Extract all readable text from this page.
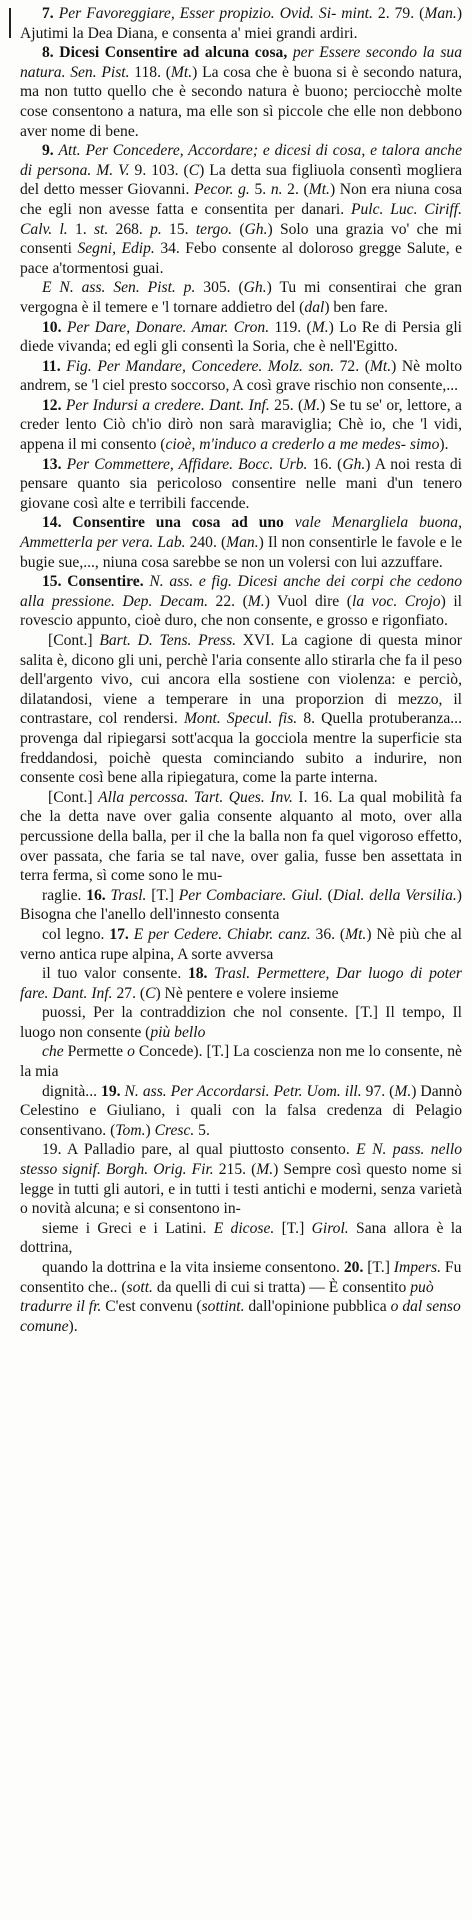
7. Per Favoreggiare, Esser propizio. Ovid. Si- mint. 2. 79. (Man.) Ajutimi la Dea Diana, e consenta a' miei grandi ardiri.

8. Dicesi Consentire ad alcuna cosa, per Essere secondo la sua natura. Sen. Pist. 118. (Mt.) La cosa che è buona si è secondo natura, ma non tutto quello che è secondo natura è buono; perciocchè molte cose consentono a natura, ma elle son sì piccole che elle non debbono aver nome di bene.

9. Att. Per Concedere, Accordare; e dicesi di cosa, e talora anche di persona. M. V. 9. 103. (C) La detta sua figliuola consentì mogliera del detto messer Giovanni. Pecor. g. 5. n. 2. (Mt.) Non era niuna cosa che egli non avesse fatta e consentita per danari. Pulc. Luc. Ciriff. Calv. l. 1. st. 268. p. 15. tergo. (Gh.) Solo una grazia vo' che mi consenti Segni, Edip. 34. Febo consente al doloroso gregge Salute, e pace a'tormentosi guai.

E N. ass. Sen. Pist. p. 305. (Gh.) Tu mi consentirai che gran vergogna è il temere e 'l tornare addietro del (dal) ben fare.

10. Per Dare, Donare. Amar. Cron. 119. (M.) Lo Re di Persia gli diede vivanda; ed egli gli consentì la Soria, che è nell'Egitto.

11. Fig. Per Mandare, Concedere. Molz. son. 72. (Mt.) Nè molto andrem, se 'l ciel presto soccorso, A così grave rischio non consente,...

12. Per Indursi a credere. Dant. Inf. 25. (M.) Se tu se' or, lettore, a creder lento Ciò ch'io dirò non sarà maraviglia; Chè io, che 'l vidi, appena il mi consento (cioè, m'induco a crederlo a me medes- simo).

13. Per Commettere, Affidare. Bocc. Urb. 16. (Gh.) A noi resta di pensare quanto sia pericoloso consentire nelle mani d'un tenero giovane così alte e terribili faccende.

14. Consentire una cosa ad uno vale Menargliela buona, Ammetterla per vera. Lab. 240. (Man.) Il non consentirle le favole e le bugie sue,..., niuna cosa sarebbe se non un volersi con lui azzuffare.

15. Consentire. N. ass. e fig. Dicesi anche dei corpi che cedono alla pressione. Dep. Decam. 22. (M.) Vuol dire (la voc. Crojo) il rovescio appunto, cioè duro, che non consente, e grosso e rigonfiato.

[Cont.] Bart. D. Tens. Press. XVI. La cagione di questa minor salita è, dicono gli uni, perchè l'aria consente allo stirarla che fa il peso dell'argento vivo, cui ancora ella sostiene con violenza: e perciò, dilatandosi, viene a temperare in una proporzion di mezzo, il contrastare, col rendersi. Mont. Specul. fis. 8. Quella protuberanza... provenga dal ripiegarsi sott'acqua la gocciola mentre la superficie sta freddandosi, poichè questa cominciando subito a indurire, non consente così bene alla ripiegatura, come la parte interna.

[Cont.] Alla percossa. Tart. Ques. Inv. I. 16. La qual mobilità fa che la detta nave over galia consente alquanto al moto, over alla percussione della balla, per il che la balla non fa quel vigoroso effetto, over passata, che faria se tal nave, over galia, fusse ben assettata in terra ferma, sì come sono le mu-

raglie. 16. Trasl. [T.] Per Combaciare. Giul. (Dial. della Versilia.) Bisogna che l'anello dell'innesto consenta

col legno. 17. E per Cedere. Chiabr. canz. 36. (Mt.) Nè più che al verno antica rupe alpina, A sorte avversa

il tuo valor consente. 18. Trasl. Permettere, Dar luogo di poter fare. Dant. Inf. 27. (C) Nè pentere e volere insieme

puossi, Per la contraddizion che nol consente. [T.] Il tempo, Il luogo non consente (più bello

che Permette o Concede). [T.] La coscienza non me lo consente, nè la mia

dignità... 19. N. ass. Per Accordarsi. Petr. Uom. ill. 97. (M.) Dannò Celestino e Giuliano, i quali con la falsa credenza di Pelagio consentivano. (Tom.) Cresc. 5.

19. A Palladio pare, al qual piuttosto consento. E N. pass. nello stesso signif. Borgh. Orig. Fir. 215. (M.) Sempre così questo nome si legge in tutti gli autori, e in tutti i testi antichi e moderni, senza varietà o novità alcuna; e si consentono in-

sieme i Greci e i Latini. E dicose. [T.] Girol. Sana allora è la dottrina,

quando la dottrina e la vita insieme consentono. 20. [T.] Impers. Fu consentito che.. (sott. da quelli di cui si tratta) — È consentito può tradurre il fr. C'est convenu (sottint. dall'opinione pubblica o dal senso comune).
